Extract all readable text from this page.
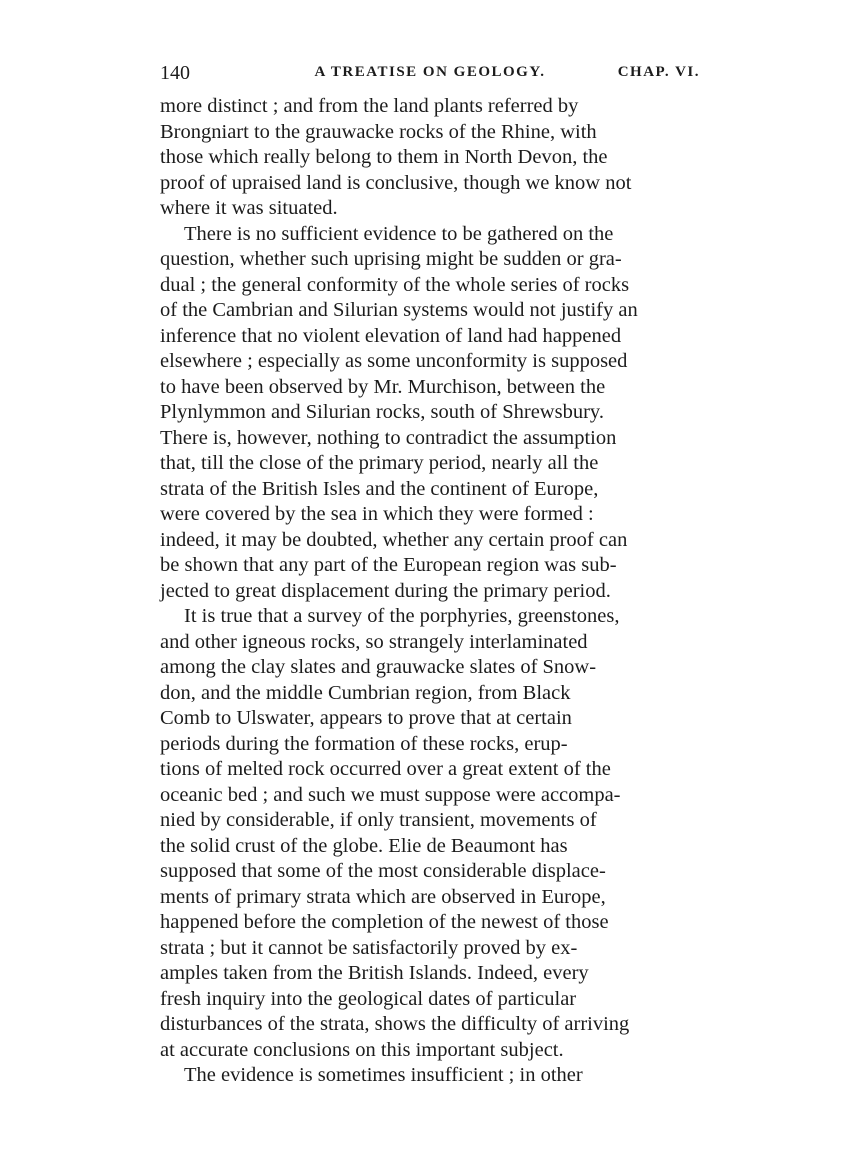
140	A TREATISE ON GEOLOGY.	CHAP. VI.
more distinct ; and from the land plants referred by
Brongniart to the grauwacke rocks of the Rhine, with
those which really belong to them in North Devon, the
proof of upraised land is conclusive, though we know not
where it was situated.
There is no sufficient evidence to be gathered on the
question, whether such uprising might be sudden or gra-
dual ; the general conformity of the whole series of rocks
of the Cambrian and Silurian systems would not justify an
inference that no violent elevation of land had happened
elsewhere ; especially as some unconformity is supposed
to have been observed by Mr. Murchison, between the
Plynlymmon and Silurian rocks, south of Shrewsbury.
There is, however, nothing to contradict the assumption
that, till the close of the primary period, nearly all the
strata of the British Isles and the continent of Europe,
were covered by the sea in which they were formed :
indeed, it may be doubted, whether any certain proof can
be shown that any part of the European region was sub-
jected to great displacement during the primary period.
It is true that a survey of the porphyries, greenstones,
and other igneous rocks, so strangely interlaminated
among the clay slates and grauwacke slates of Snow-
don, and the middle Cumbrian region, from Black
Comb to Ulswater, appears to prove that at certain
periods during the formation of these rocks, erup-
tions of melted rock occurred over a great extent of the
oceanic bed ; and such we must suppose were accompa-
nied by considerable, if only transient, movements of
the solid crust of the globe. Elie de Beaumont has
supposed that some of the most considerable displace-
ments of primary strata which are observed in Europe,
happened before the completion of the newest of those
strata ; but it cannot be satisfactorily proved by ex-
amples taken from the British Islands. Indeed, every
fresh inquiry into the geological dates of particular
disturbances of the strata, shows the difficulty of arriving
at accurate conclusions on this important subject.
The evidence is sometimes insufficient ; in other
